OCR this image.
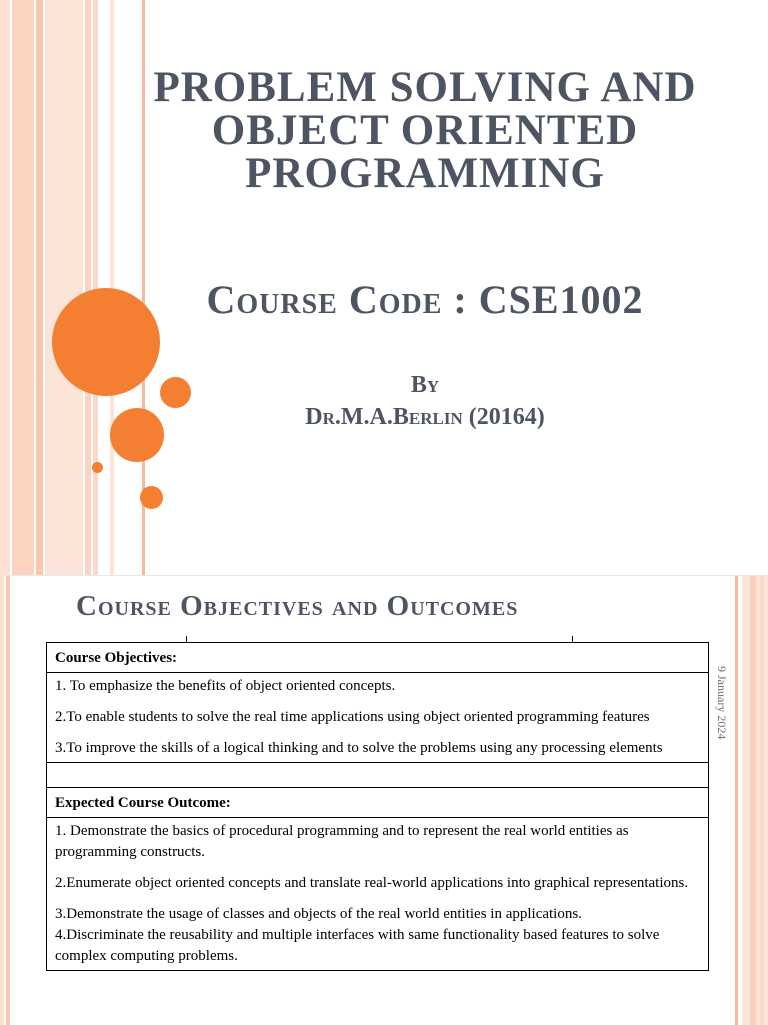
PROBLEM SOLVING AND
OBJECT ORIENTED
PROGRAMMING
Course Code : CSE1002
By
Dr.M.A.Berlin (20164)
Course Objectives and Outcomes
9 January 2024
Course Objectives:

1. To emphasize the benefits of object oriented concepts.

2.To enable students to solve the real time applications using object oriented programming features

3.To improve the skills of a logical thinking and to solve the problems using any processing elements

Expected Course Outcome:

1. Demonstrate the basics of procedural programming and to represent the real world entities as programming constructs.

2.Enumerate object oriented concepts and translate real-world applications into graphical representations.

3.Demonstrate the usage of classes and objects of the real world entities in applications.

4.Discriminate the reusability and multiple interfaces with same functionality based features to solve complex computing problems.
